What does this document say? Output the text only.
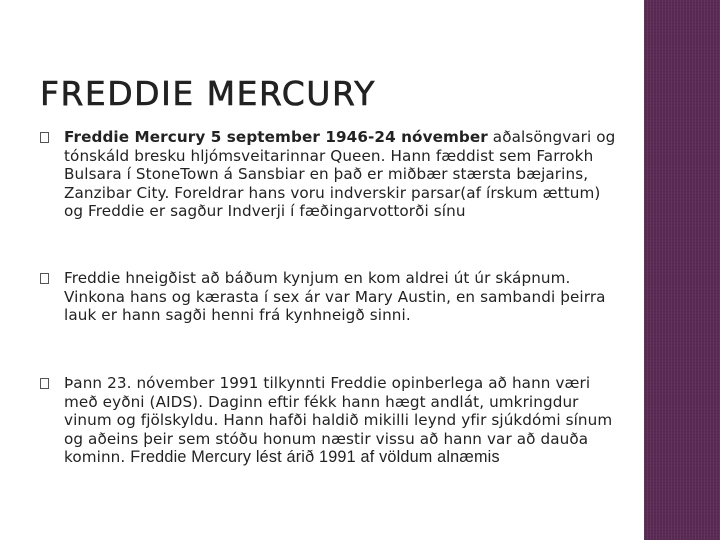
FREDDIE MERCURY
Freddie Mercury 5 september 1946-24 nóvember aðalsöngvari og tónskáld bresku hljómsveitarinnar Queen. Hann fæddist sem Farrokh Bulsara í StoneTown á Sansbiar en það er miðbær stærsta bæjarins, Zanzibar City. Foreldrar hans voru indverskir parsar(af írskum ættum) og Freddie er sagður Indverji í fæðingarvottorði sínu
Freddie hneigðist að báðum kynjum en kom aldrei út úr skápnum. Vinkona hans og kærasta í sex ár var Mary Austin, en sambandi þeirra lauk er hann sagði henni frá kynhneigð sinni.
Þann 23. nóvember 1991 tilkynnti Freddie opinberlega að hann væri með eyðni (AIDS). Daginn eftir fékk hann hægt andlát, umkringdur vinum og fjölskyldu. Hann hafði haldið mikilli leynd yfir sjúkdómi sínum og aðeins þeir sem stóðu honum næstir vissu að hann var að dauða kominn. Freddie Mercury lést árið 1991 af völdum alnæmis
